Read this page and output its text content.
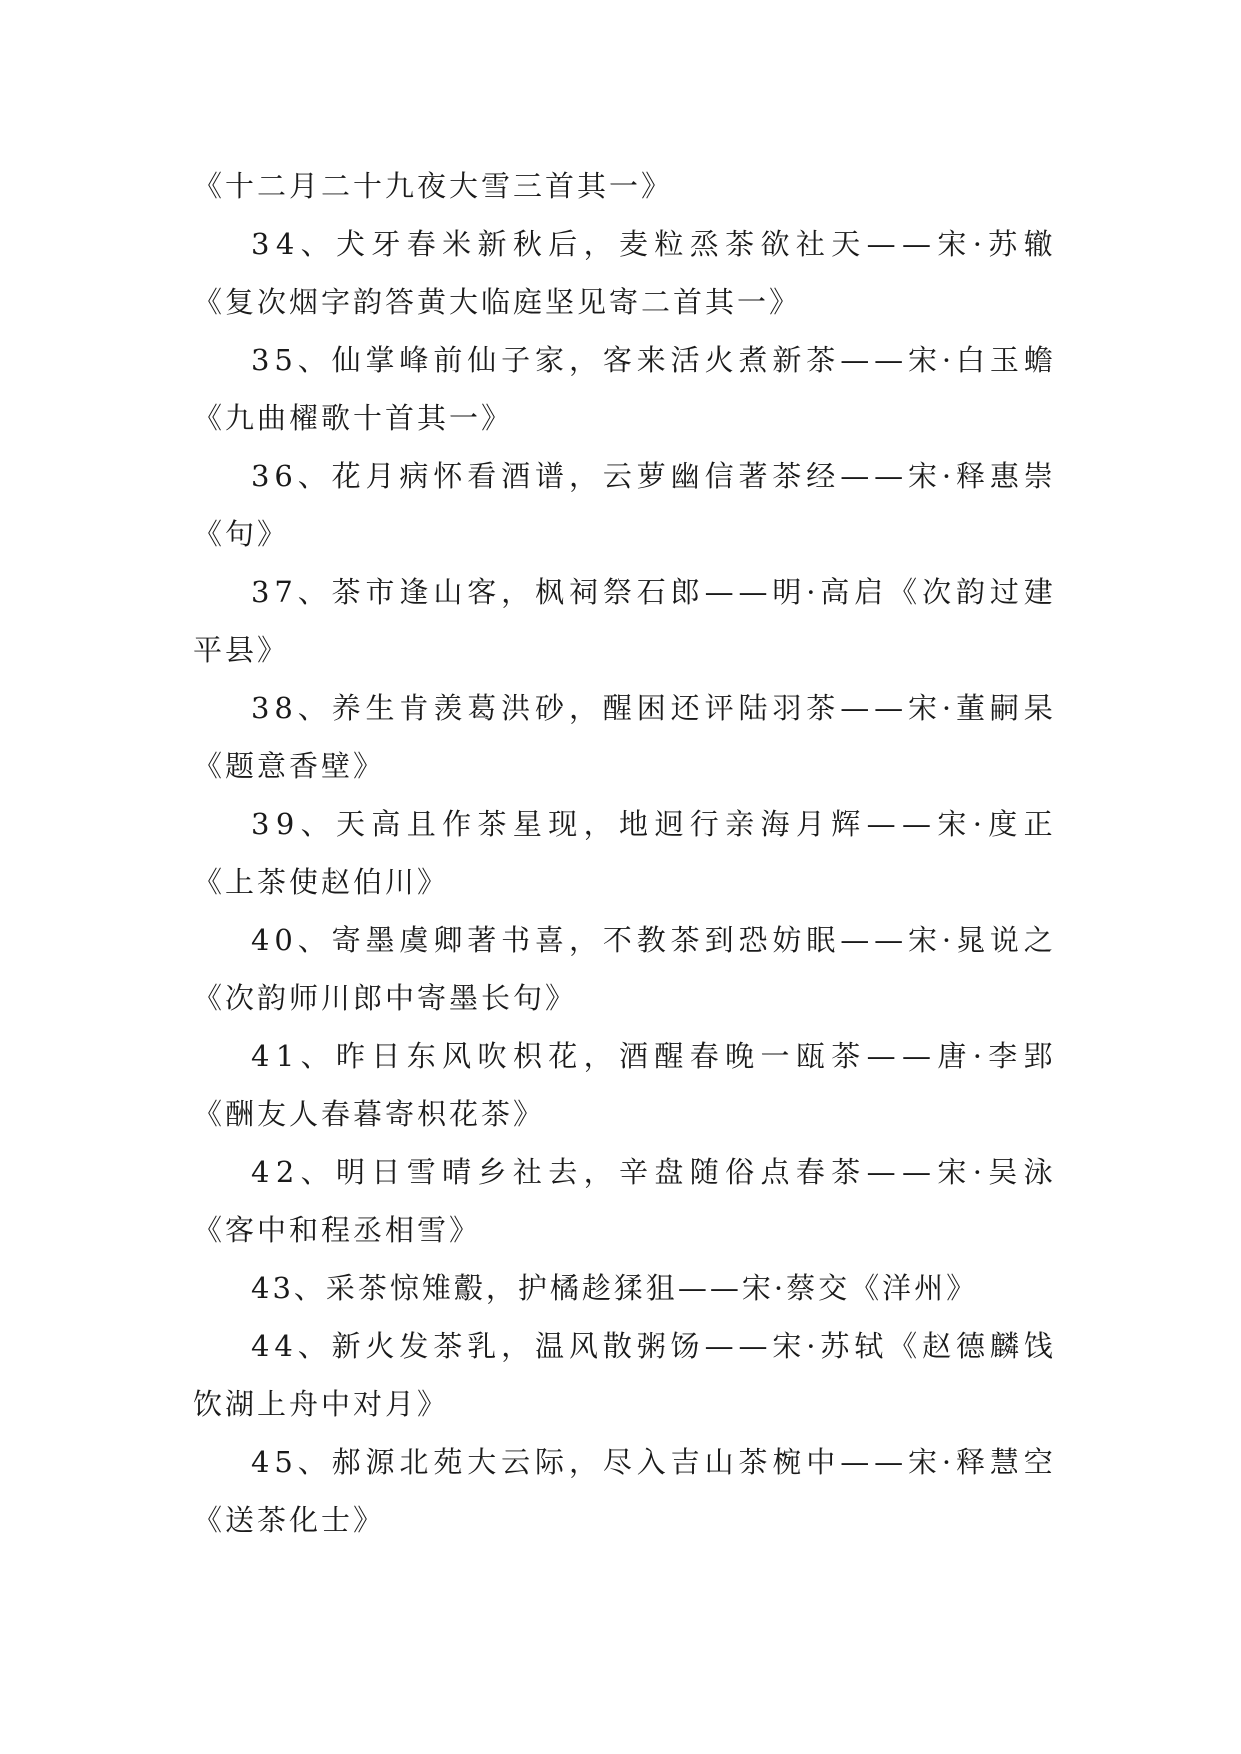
《十二月二十九夜大雪三首其一》
3 4 、 犬 牙 春 米 新 秋 后 ， 麦 粒 烝 茶 欲 社 天 — — 宋 · 苏 辙
《复次烟字韵答黄大临庭坚见寄二首其一》
3 5 、 仙 掌 峰 前 仙 子 家 ， 客 来 活 火 煮 新 茶 — — 宋 · 白 玉 蟾
《九曲櫂歌十首其一》
3 6 、 花 月 病 怀 看 酒 谱 ， 云 萝 幽 信 著 茶 经 — — 宋 · 释 惠 崇
《句》
3 7 、 茶 市 逢 山 客 ， 枫 祠 祭 石 郎 — — 明 · 高 启 《 次 韵 过 建
平县》
3 8 、 养 生 肯 羡 葛 洪 砂 ， 醒 困 还 评 陆 羽 茶 — — 宋 · 董 嗣 杲
《题意香壁》
3 9 、 天 高 且 作 茶 星 现 ， 地 迥 行 亲 海 月 辉 — — 宋 · 度 正
《上茶使赵伯川》
4 0 、 寄 墨 虞 卿 著 书 喜 ， 不 教 茶 到 恐 妨 眠 — — 宋 · 晁 说 之
《次韵师川郎中寄墨长句》
4 1 、 昨 日 东 风 吹 枳 花 ， 酒 醒 春 晚 一 瓯 茶 — — 唐 · 李 郢
《酬友人春暮寄枳花茶》
4 2 、 明 日 雪 晴 乡 社 去 ， 辛 盘 随 俗 点 春 茶 — — 宋 · 吴 泳
《客中和程丞相雪》
43、采茶惊雉鷇，护橘趁猱狙——宋·蔡交《洋州》
4 4 、 新 火 发 茶 乳 ， 温 风 散 粥 饧 — — 宋 · 苏 轼 《 赵 德 麟 饯
饮湖上舟中对月》
4 5 、 郝 源 北 苑 大 云 际 ， 尽 入 吉 山 茶 椀 中 — — 宋 · 释 慧 空
《送茶化士》
